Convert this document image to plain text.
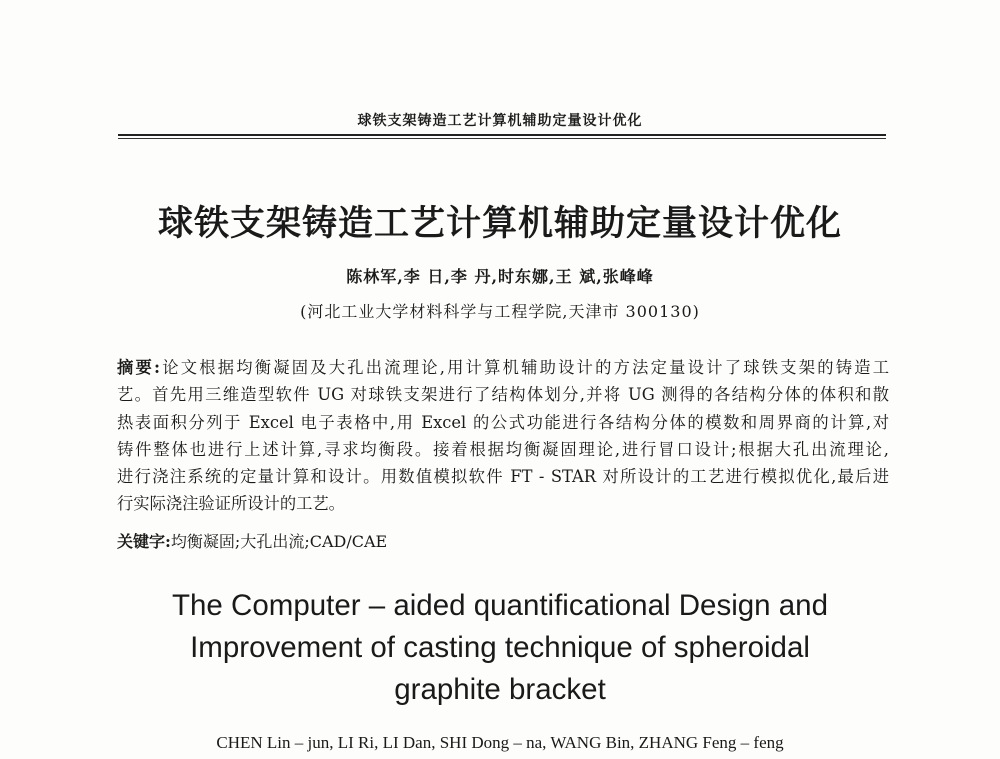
球铁支架铸造工艺计算机辅助定量设计优化
球铁支架铸造工艺计算机辅助定量设计优化
陈林军,李 日,李 丹,时东娜,王 斌,张峰峰
(河北工业大学材料科学与工程学院,天津市 300130)
摘要:论文根据均衡凝固及大孔出流理论,用计算机辅助设计的方法定量设计了球铁支架的铸造工
艺。首先用三维造型软件 UG 对球铁支架进行了结构体划分,并将 UG 测得的各结构分体的体积和散
热表面积分列于 Excel 电子表格中,用 Excel 的公式功能进行各结构分体的模数和周界商的计算,对
铸件整体也进行上述计算,寻求均衡段。接着根据均衡凝固理论,进行冒口设计;根据大孔出流理论,
进行浇注系统的定量计算和设计。用数值模拟软件 FT - STAR 对所设计的工艺进行模拟优化,最后进
行实际浇注验证所设计的工艺。
关键字:均衡凝固;大孔出流;CAD/CAE
The Computer – aided quantificational Design and
Improvement of casting technique of spheroidal
graphite bracket
CHEN Lin – jun, LI Ri, LI Dan, SHI Dong – na, WANG Bin, ZHANG Feng – feng
